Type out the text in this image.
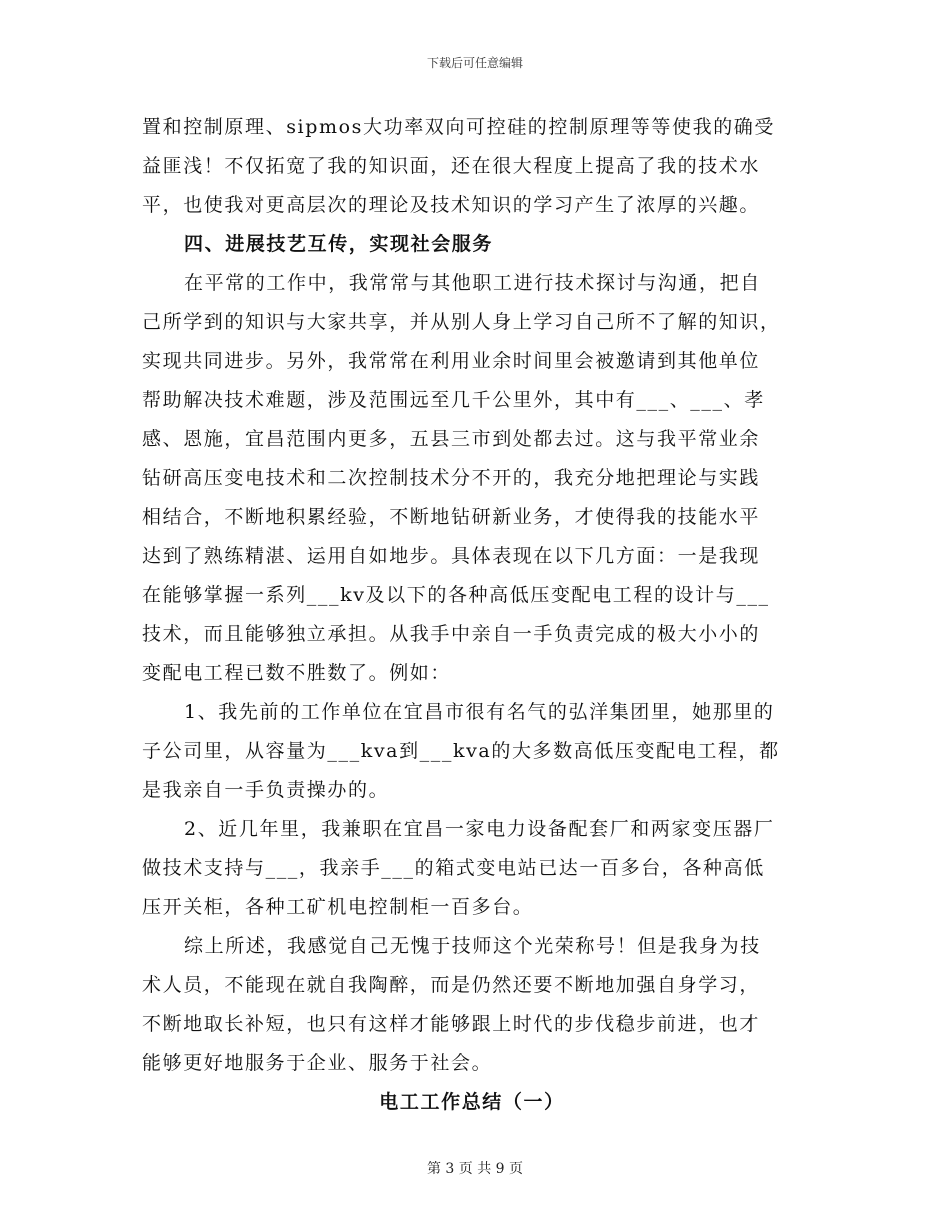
下载后可任意编辑
置和控制原理、sipmos大功率双向可控硅的控制原理等等使我的确受
益匪浅！不仅拓宽了我的知识面，还在很大程度上提高了我的技术水
平，也使我对更高层次的理论及技术知识的学习产生了浓厚的兴趣。
四、进展技艺互传，实现社会服务
在平常的工作中，我常常与其他职工进行技术探讨与沟通，把自
己所学到的知识与大家共享，并从别人身上学习自己所不了解的知识，
实现共同进步。另外，我常常在利用业余时间里会被邀请到其他单位
帮助解决技术难题，涉及范围远至几千公里外，其中有___、___、孝
感、恩施，宜昌范围内更多，五县三市到处都去过。这与我平常业余
钻研高压变电技术和二次控制技术分不开的，我充分地把理论与实践
相结合，不断地积累经验，不断地钻研新业务，才使得我的技能水平
达到了熟练精湛、运用自如地步。具体表现在以下几方面：一是我现
在能够掌握一系列___kv及以下的各种高低压变配电工程的设计与___
技术，而且能够独立承担。从我手中亲自一手负责完成的极大小小的
变配电工程已数不胜数了。例如：
1、我先前的工作单位在宜昌市很有名气的弘洋集团里，她那里的
子公司里，从容量为___kva到___kva的大多数高低压变配电工程，都
是我亲自一手负责操办的。
2、近几年里，我兼职在宜昌一家电力设备配套厂和两家变压器厂
做技术支持与___，我亲手___的箱式变电站已达一百多台，各种高低
压开关柜，各种工矿机电控制柜一百多台。
综上所述，我感觉自己无愧于技师这个光荣称号！但是我身为技
术人员，不能现在就自我陶醉，而是仍然还要不断地加强自身学习，
不断地取长补短，也只有这样才能够跟上时代的步伐稳步前进，也才
能够更好地服务于企业、服务于社会。
电工工作总结（一）
第 3 页 共 9 页
